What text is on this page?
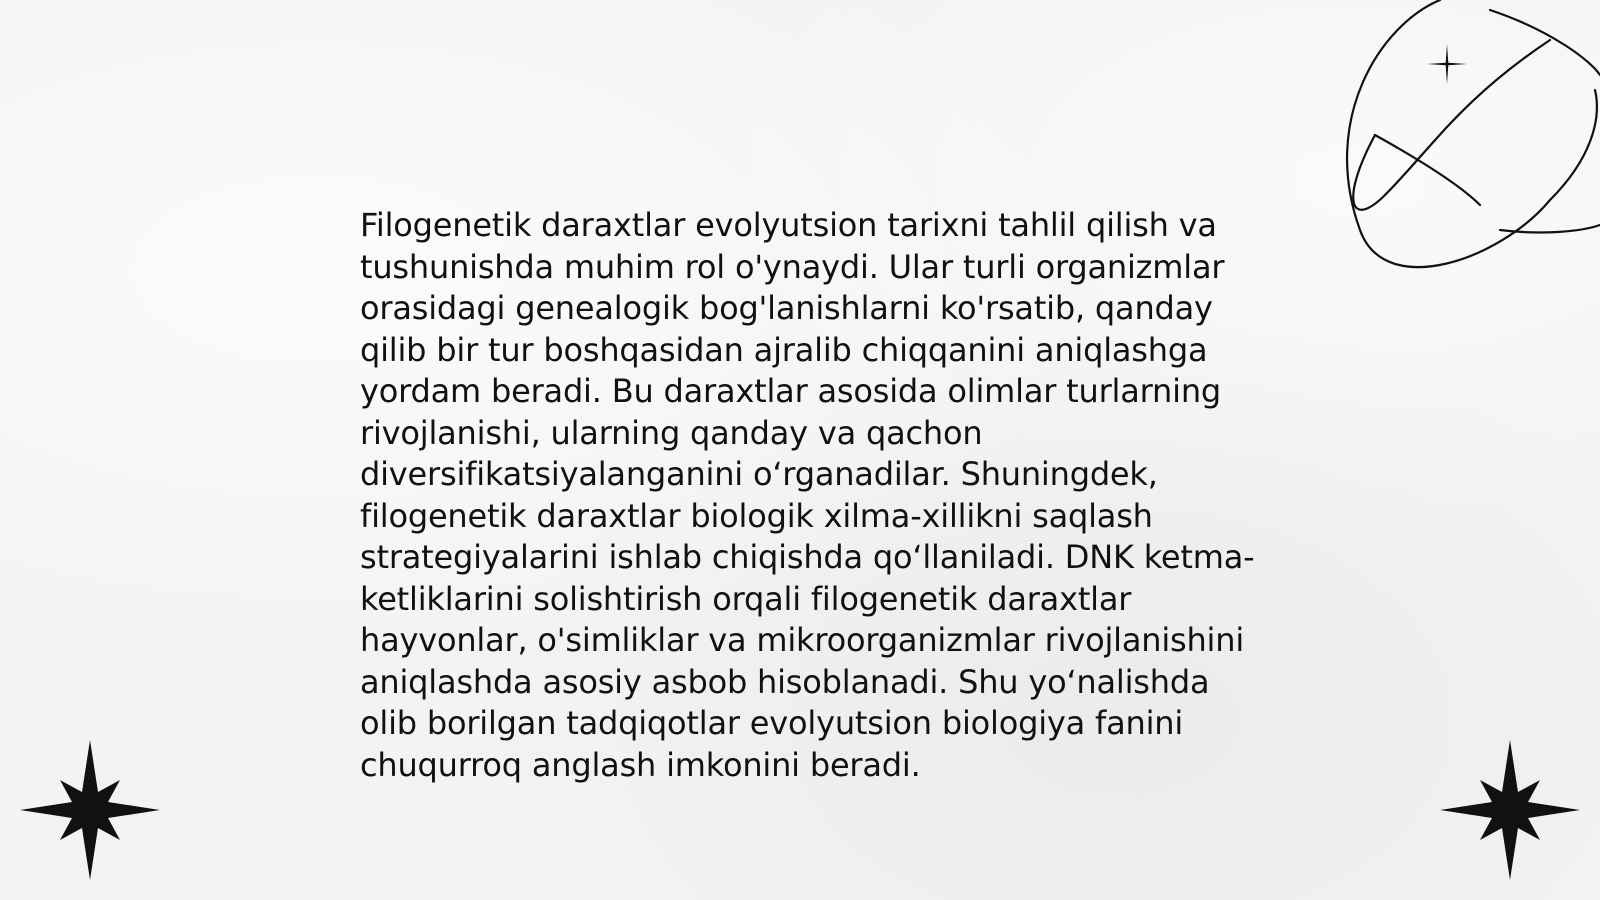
Filogenetik daraxtlar evolyutsion tarixni tahlil qilish va tushunishda muhim rol o'ynaydi. Ular turli organizmlar orasidagi genealogik bog'lanishlarni ko'rsatib, qanday qilib bir tur boshqasidan ajralib chiqqanini aniqlashga yordam beradi. Bu daraxtlar asosida olimlar turlarning rivojlanishi, ularning qanday va qachon diversifikatsiyalanganini o‘rganadilar. Shuningdek, filogenetik daraxtlar biologik xilma-xillikni saqlash strategiyalarini ishlab chiqishda qo‘llaniladi. DNK ketma-ketliklarini solishtirish orqali filogenetik daraxtlar hayvonlar, o'simliklar va mikroorganizmlar rivojlanishini aniqlashda asosiy asbob hisoblanadi. Shu yo‘nalishda olib borilgan tadqiqotlar evolyutsion biologiya fanini chuqurroq anglash imkonini beradi.
